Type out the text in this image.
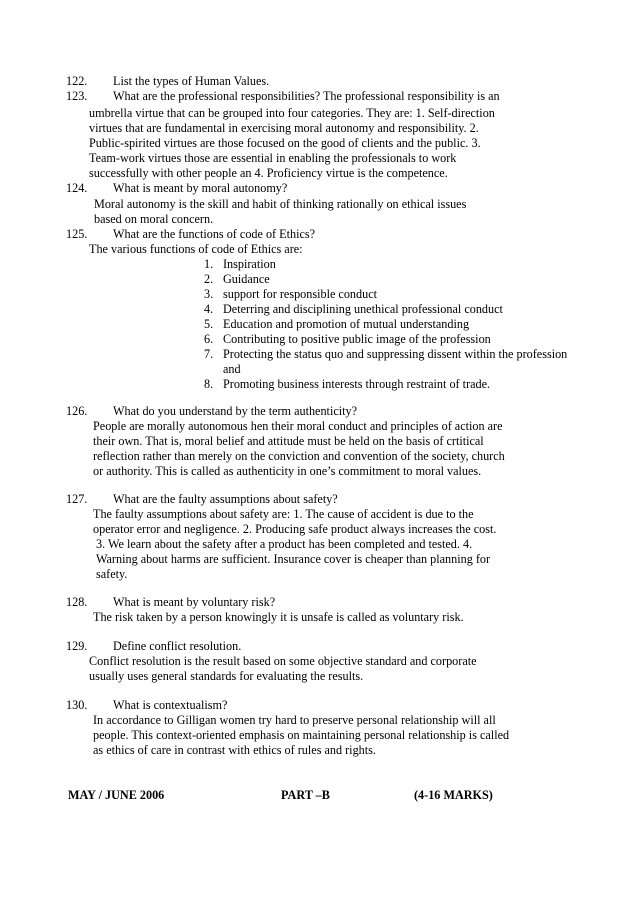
122. List the types of Human Values.
123. What are the professional responsibilities? The professional responsibility is an
umbrella virtue that can be grouped into four categories. They are: 1. Self-direction
virtues that are fundamental in exercising moral autonomy and responsibility. 2.
Public-spirited virtues are those focused on the good of clients and the public. 3.
Team-work virtues those are essential in enabling the professionals to work
successfully with other people an 4. Proficiency virtue is the competence.
124. What is meant by moral autonomy?
Moral autonomy is the skill and habit of thinking rationally on ethical issues
based on moral concern.
125. What are the functions of code of Ethics?
The various functions of code of Ethics are:
1. Inspiration
2. Guidance
3. support for responsible conduct
4. Deterring and disciplining unethical professional conduct
5. Education and promotion of mutual understanding
6. Contributing to positive public image of the profession
7. Protecting the status quo and suppressing dissent within the profession
and
8. Promoting business interests through restraint of trade.
126. What do you understand by the term authenticity?
People are morally autonomous hen their moral conduct and principles of action are
their own. That is, moral belief and attitude must be held on the basis of crtitical
reflection rather than merely on the conviction and convention of the society, church
or authority. This is called as authenticity in one’s commitment to moral values.
127. What are the faulty assumptions about safety?
The faulty assumptions about safety are: 1. The cause of accident is due to the
operator error and negligence. 2. Producing safe product always increases the cost.
3. We learn about the safety after a product has been completed and tested. 4.
Warning about harms are sufficient. Insurance cover is cheaper than planning for
safety.
128. What is meant by voluntary risk?
The risk taken by a person knowingly it is unsafe is called as voluntary risk.
129. Define conflict resolution.
Conflict resolution is the result based on some objective standard and corporate
usually uses general standards for evaluating the results.
130. What is contextualism?
In accordance to Gilligan women try hard to preserve personal relationship will all
people. This context-oriented emphasis on maintaining personal relationship is called
as ethics of care in contrast with ethics of rules and rights.
MAY / JUNE 2006	PART –B	(4-16 MARKS)
